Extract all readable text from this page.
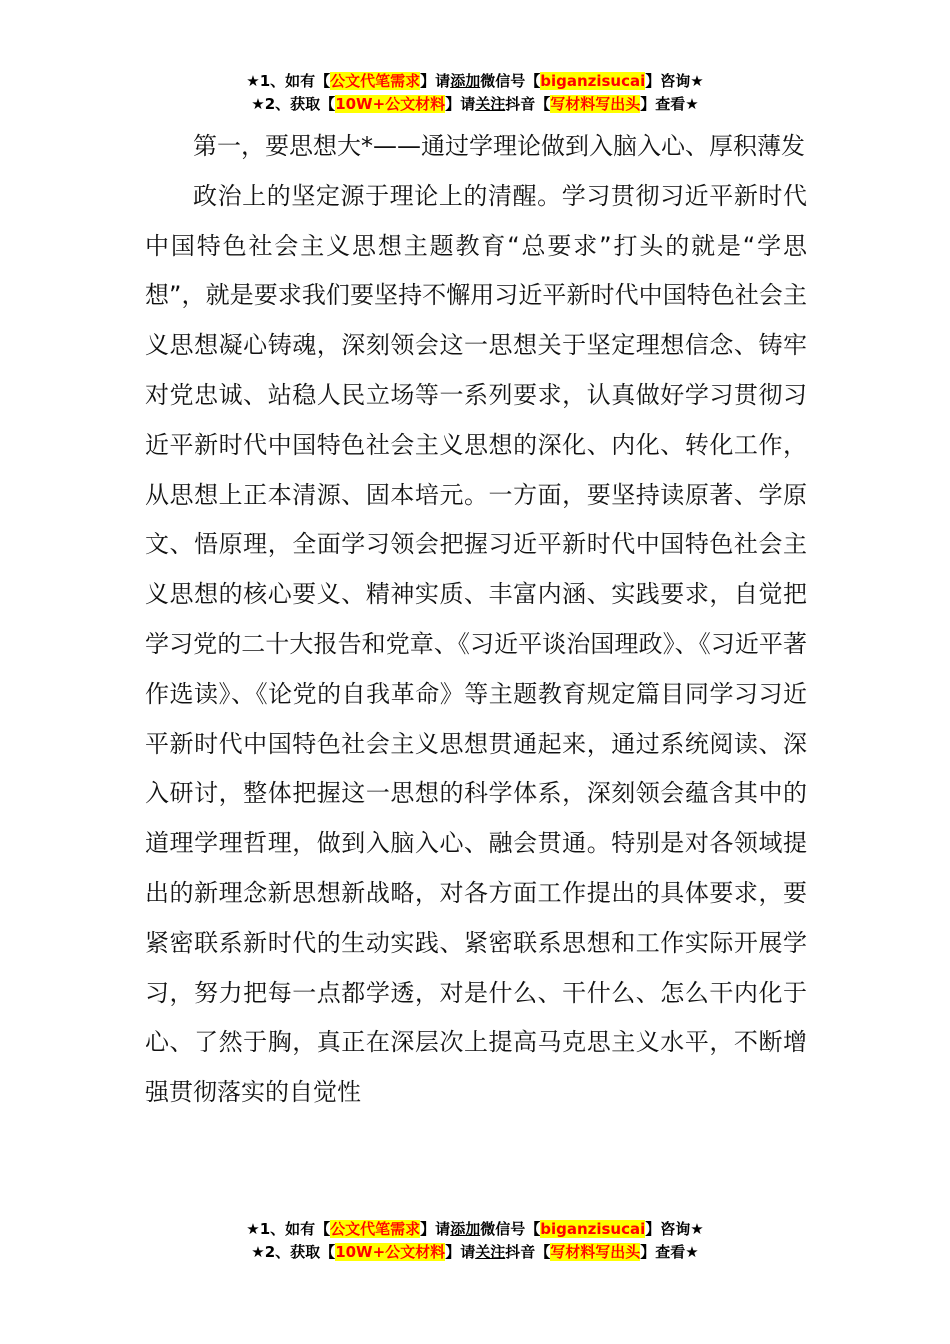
★1、如有【公文代笔需求】请添加微信号【biganzisucai】咨询★
★2、获取【10W+公文材料】请关注抖音【写材料写出头】查看★

第一，要思想大*——通过学理论做到入脑入心、厚积薄发

政治上的坚定源于理论上的清醒。学习贯彻习近平新时代中国特色社会主义思想主题教育“总要求”打头的就是“学思想”，就是要求我们要坚持不懈用习近平新时代中国特色社会主义思想凝心铸魂，深刻领会这一思想关于坚定理想信念、铸牢对党忠诚、站稳人民立场等一系列要求，认真做好学习贯彻习近平新时代中国特色社会主义思想的深化、内化、转化工作，从思想上正本清源、固本培元。一方面，要坚持读原著、学原文、悟原理，全面学习领会把握习近平新时代中国特色社会主义思想的核心要义、精神实质、丰富内涵、实践要求，自觉把学习党的二十大报告和党章、《习近平谈治国理政》、《习近平著作选读》、《论党的自我革命》等主题教育规定篇目同学习习近平新时代中国特色社会主义思想贯通起来，通过系统阅读、深入研讨，整体把握这一思想的科学体系，深刻领会蕴含其中的道理学理哲理，做到入脑入心、融会贯通。特别是对各领域提出的新理念新思想新战略，对各方面工作提出的具体要求，要紧密联系新时代的生动实践、紧密联系思想和工作实际开展学习，努力把每一点都学透，对是什么、干什么、怎么干内化于心、了然于胸，真正在深层次上提高马克思主义水平，不断增强贯彻落实的自觉性

★1、如有【公文代笔需求】请添加微信号【biganzisucai】咨询★
★2、获取【10W+公文材料】请关注抖音【写材料写出头】查看★
